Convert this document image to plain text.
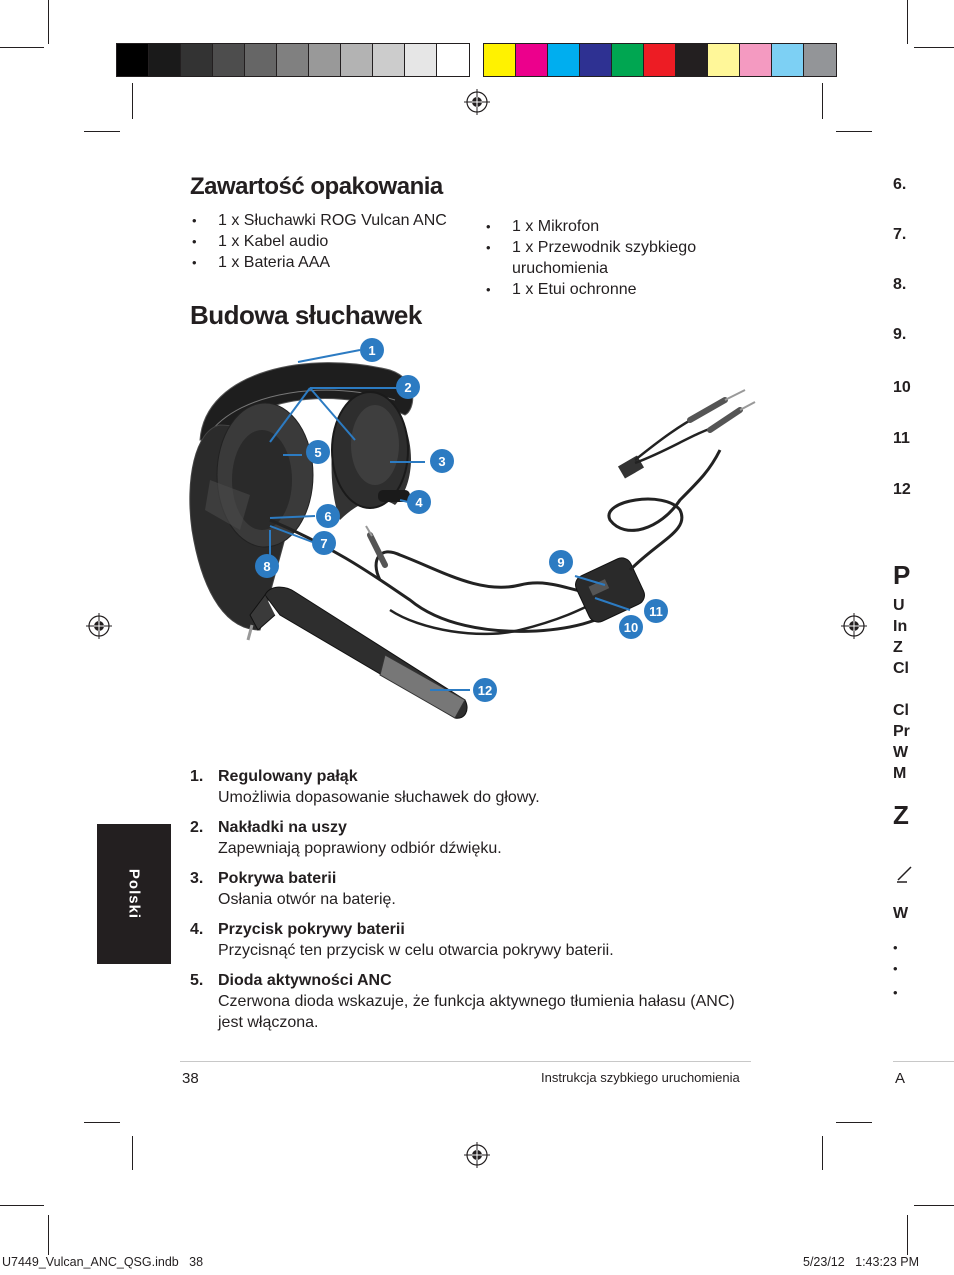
Zawartość opakowania
• 1 x Słuchawki ROG Vulcan ANC
• 1 x Kabel audio
• 1 x Bateria AAA
• 1 x Mikrofon
• 1 x Przewodnik szybkiego uruchomienia
• 1 x Etui ochronne
Budowa słuchawek
1
2
3
4
5
6
7
8	9
10
11
12
1. Regulowany pałąk
Umożliwia dopasowanie słuchawek do głowy.
2. Nakładki na uszy
Zapewniają poprawiony odbiór dźwięku.
3. Pokrywa baterii
Osłania otwór na baterię.
4. Przycisk pokrywy baterii
Przycisnąć ten przycisk w celu otwarcia pokrywy baterii.
5. Dioda aktywności ANC
Czerwona dioda wskazuje, że funkcja aktywnego tłumienia hałasu (ANC) jest włączona.
Polski
38	Instrukcja szybkiego uruchomienia	A
U7449_Vulcan_ANC_QSG.indb   38	5/23/12   1:43:23 PM
6.
7.
8.
9.
10
11
12
P
U
In
Z
Cl
Cl
Pr
W
M
Z
W
•
•
•
